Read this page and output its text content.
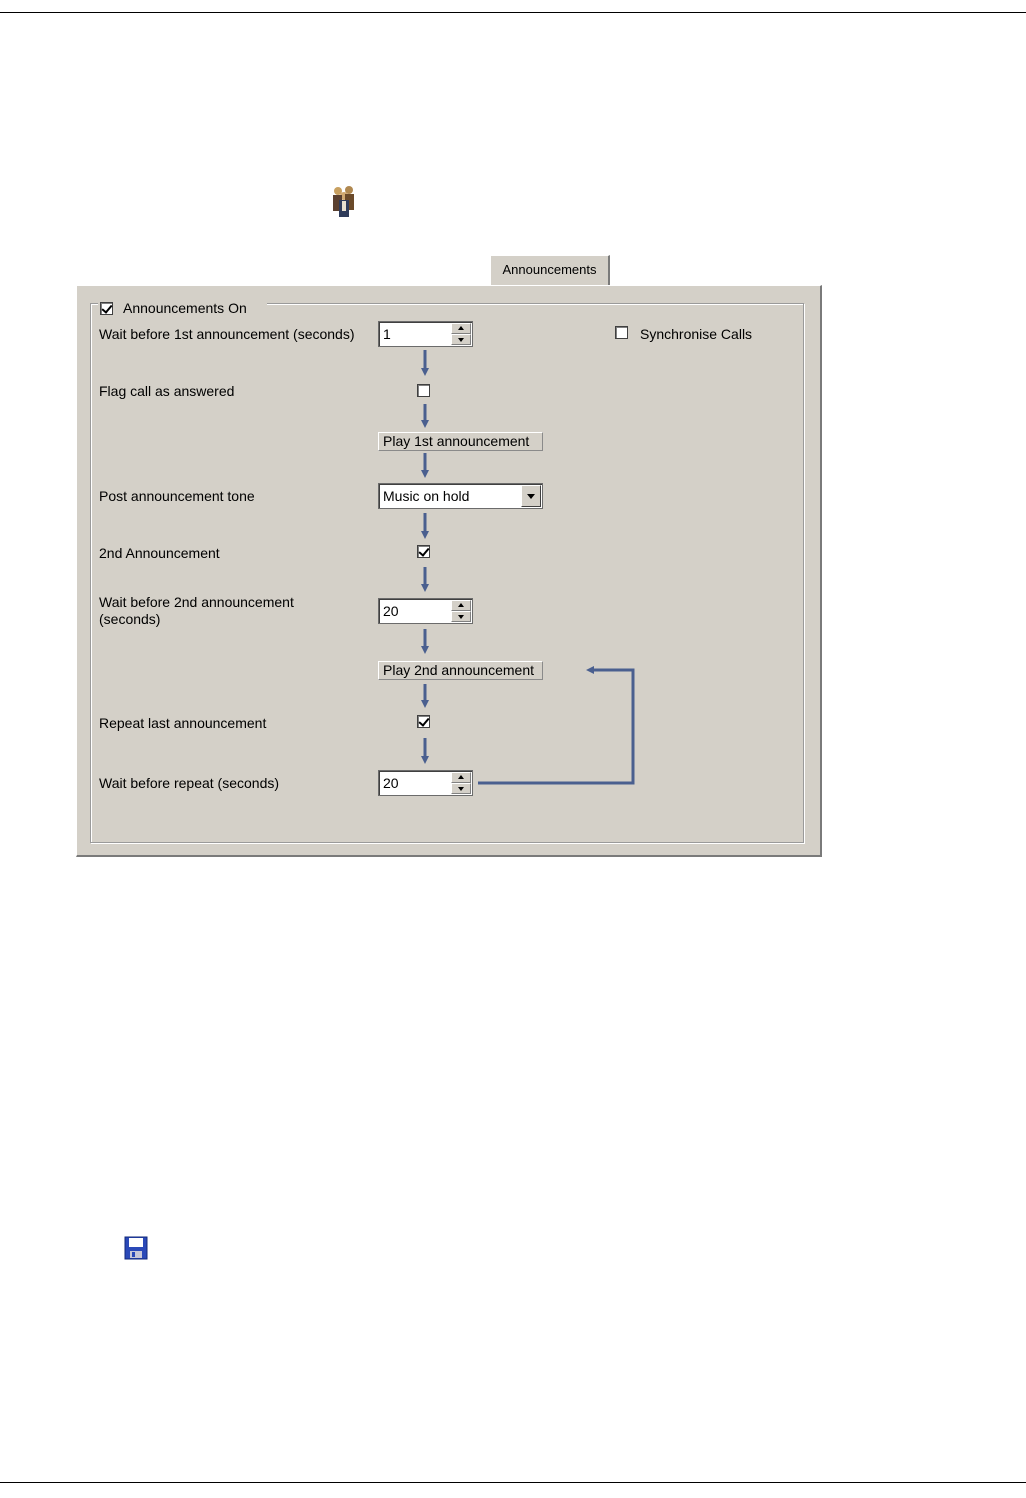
Announcements
Announcements On
Wait before 1st announcement (seconds) 1	Synchronise Calls
Flag call as answered
Play 1st announcement
Post announcement tone	Music on hold
2nd Announcement
Wait before 2nd announcement
(seconds)	20
Play 2nd announcement
Repeat last announcement
Wait before repeat (seconds)	20
